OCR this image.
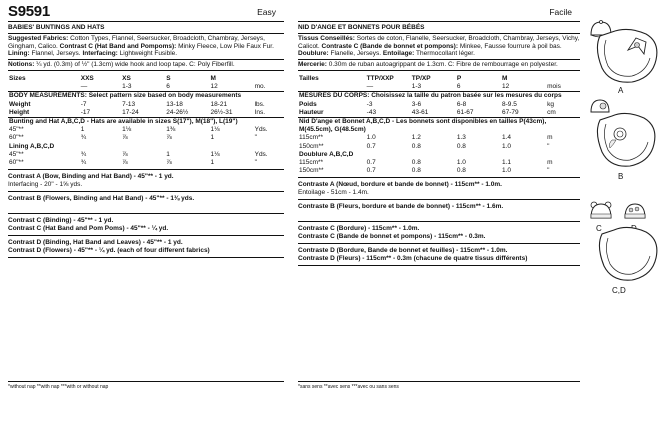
S9591	Easy
BABIES' BUNTINGS AND HATS
Suggested Fabrics: Cotton Types, Flannel, Seersucker, Broadcloth, Chambray, Jerseys, Gingham, Calico. Contrast C (Hat Band and Pompoms): Minky Fleece, Low Pile Faux Fur. Lining: Flannel, Jerseys. Interfacing: Lightweight Fusible.
Notions: ¼ yd. (0.3m) of ½" (1.3cm) wide hook and loop tape. C: Poly Fiberfill.
Sizes	XXS	XS	S	M	
	—	1-3	6	12	mo.
BODY MEASUREMENTS: Select pattern size based on body measurements					
Weight	-7	7-13	13-18	18-21	lbs.
Height	-17	17-24	24-26½	26½-31	Ins.
Bunting and Hat A,B,C,D - Hats are available in sizes S(17"), M(18"), L(19")					
45"**	1	1⅛	1⅜	1⅛	Yds.
60"**	¾	⅞	⅞	1	"
Lining A,B,C,D					
45"**	¾	⅞	1	1⅛	Yds.
60"**	¾	⅞	⅞	1	"
Contrast A (Bow, Binding and Hat Band) - 45"** - 1 yd.
Interfacing - 20" - 1⅝ yds.
Contrast B (Flowers, Binding and Hat Band) - 45"** - 1⅜ yds.
Contrast C (Binding) - 45"** - 1 yd.
Contrast C (Hat Band and Pom Poms) - 45"** - ¼ yd.
Contrast D (Binding, Hat Band and Leaves) - 45"** - 1 yd.
Contrast D (Flowers) - 45"** - ¼ yd. (each of four different fabrics)
*without nap **with nap ***with or without nap
Facile
NID D'ANGE ET BONNETS POUR BÉBÉS
Tissus Conseillés: Sortes de coton, Flanelle, Seersucker, Broadcloth, Chambray, Jerseys, Vichy, Calicot. Contraste C (Bande de bonnet et pompons): Minkee, Fausse fourrure à poil bas. Doublure: Flanelle, Jerseys. Entoilage: Thermocollant léger.
Mercerie: 0.30m de ruban autoagrippant de 1.3cm. C: Fibre de rembourrage en polyester.
Tailles	TTP/XXP	TP/XP	P	M	
	—	1-3	6	12	mois
MESURES DU CORPS: Choisissez la taille du patron basée sur les mesures du corps					
Poids	-3	3-6	6-8	8-9.5	kg
Hauteur	-43	43-61	61-67	67-79	cm
Nid D'ange et Bonnet A,B,C,D - Les bonnets sont disponibles en tailles P(43cm), M(45.5cm), G(48.5cm)					
115cm**	1.0	1.2	1.3	1.4	m
150cm**	0.7	0.8	0.8	1.0	"
Doublure A,B,C,D					
115cm**	0.7	0.8	1.0	1.1	m
150cm**	0.7	0.8	0.8	1.0	"
Contraste A (Nœud, bordure et bande de bonnet) - 115cm** - 1.0m.
Entoilage - 51cm - 1.4m.
Contraste B (Fleurs, bordure et bande de bonnet) - 115cm** - 1.6m.
Contraste C (Bordure) - 115cm** - 1.0m.
Contraste C (Bande de bonnet et pompons) - 115cm** - 0.3m.
Contraste D (Bordure, Bande de bonnet et feuilles) - 115cm** - 1.0m.
Contraste D (Fleurs) - 115cm** - 0.3m (chacune de quatre tissus différents)
*sans sens **avec sens ***avec ou sans sens
A
B
C
C,D
